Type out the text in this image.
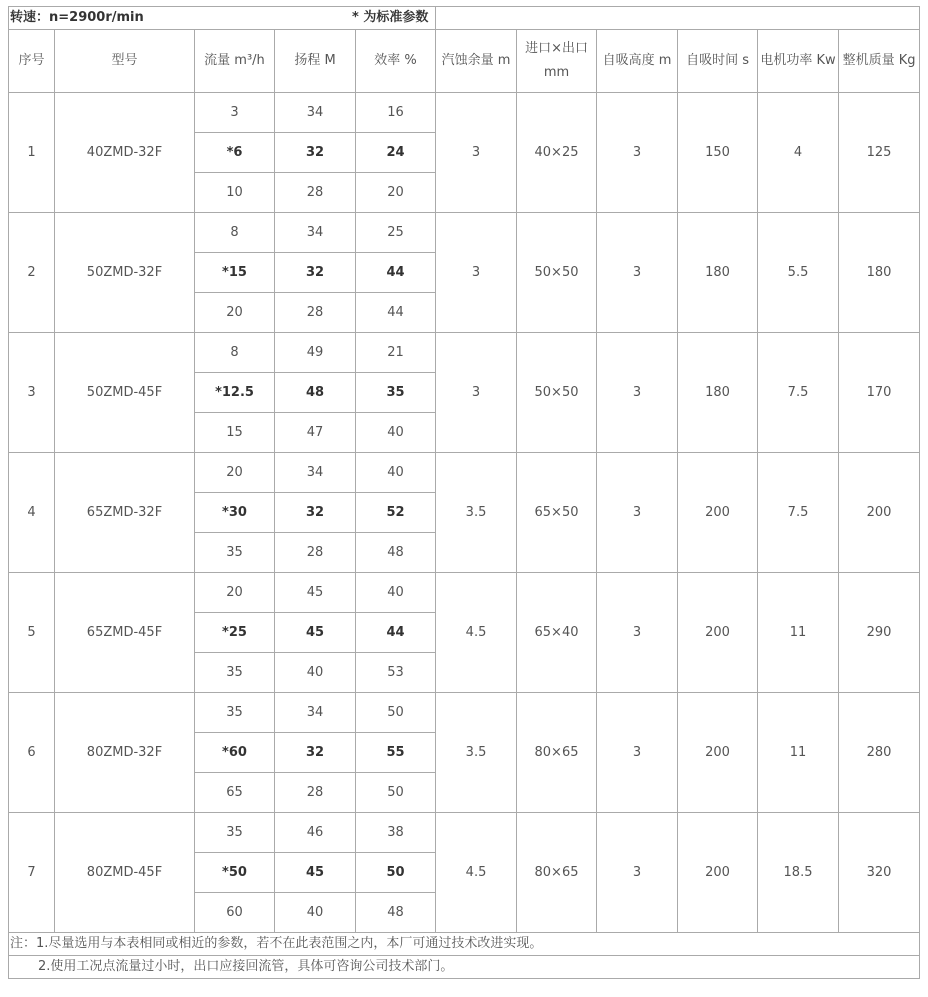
转速：n=2900r/min					* 为标准参数					
序号	型号	流量 m³/h	扬程 M	效率 %	汽蚀余量 m	进口×出口mm	自吸高度 m	自吸时间 s	电机功率 Kw	整机质量 Kg
1	40ZMD-32F	3	34	16	3	40×25	3	150	4	125
		*6	32	24						
		10	28	20						
2	50ZMD-32F	8	34	25	3	50×50	3	180	5.5	180
		*15	32	44						
		20	28	44						
3	50ZMD-45F	8	49	21	3	50×50	3	180	7.5	170
		*12.5	48	35						
		15	47	40						
4	65ZMD-32F	20	34	40	3.5	65×50	3	200	7.5	200
		*30	32	52						
		35	28	48						
5	65ZMD-45F	20	45	40	4.5	65×40	3	200	11	290
		*25	45	44						
		35	40	53						
6	80ZMD-32F	35	34	50	3.5	80×65	3	200	11	280
		*60	32	55						
		65	28	50						
7	80ZMD-45F	35	46	38	4.5	80×65	3	200	18.5	320
		*50	45	50						
		60	40	48						
注：1.尽量选用与本表相同或相近的参数，若不在此表范围之内，本厂可通过技术改进实现。										
2.使用工况点流量过小时，出口应接回流管，具体可咨询公司技术部门。										
